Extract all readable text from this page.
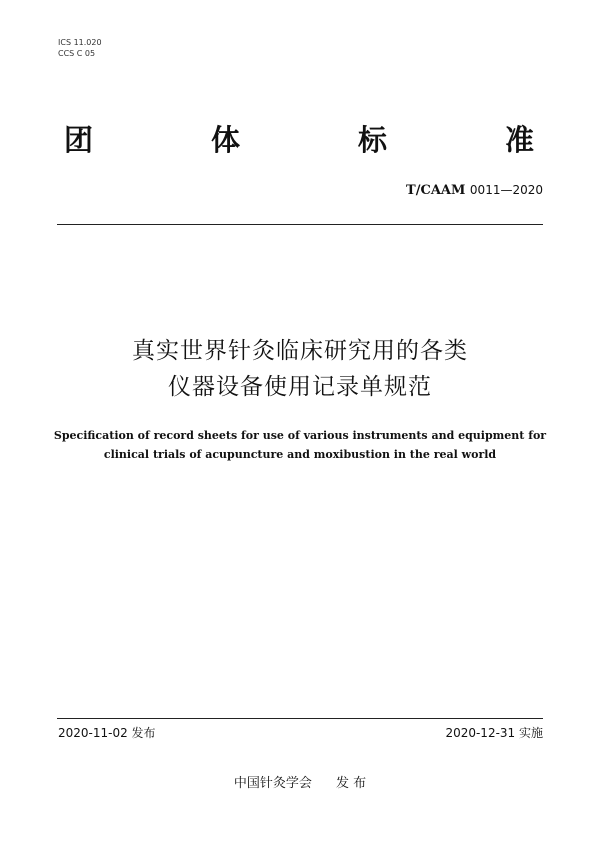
ICS 11.020
CCS C 05
团	体	标	准
T/CAAM 0011—2020
真实世界针灸临床研究用的各类
仪器设备使用记录单规范
Specification of record sheets for use of various instruments and equipment for
clinical trials of acupuncture and moxibustion in the real world
2020-11-02 发布	2020-12-31 实施
中国针灸学会 发 布
